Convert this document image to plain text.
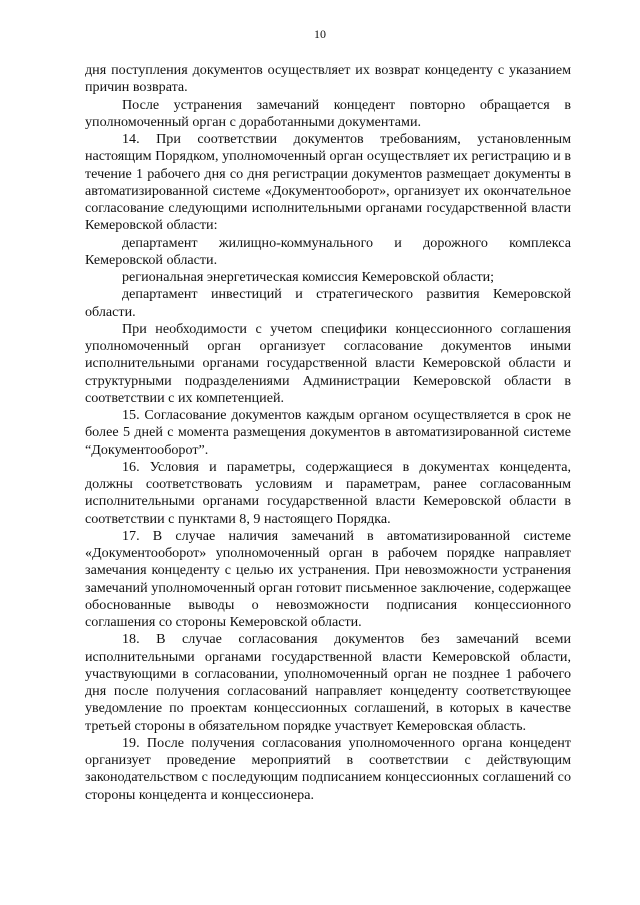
10

дня поступления документов осуществляет их возврат концеденту с указанием причин возврата.

После устранения замечаний концедент повторно обращается в уполномоченный орган с доработанными документами.

14. При соответствии документов требованиям, установленным настоящим Порядком, уполномоченный орган осуществляет их регистрацию и в течение 1 рабочего дня со дня регистрации документов размещает документы в автоматизированной системе «Документооборот», организует их окончательное согласование следующими исполнительными органами государственной власти Кемеровской области:

департамент жилищно-коммунального и дорожного комплекса Кемеровской области.

региональная энергетическая комиссия Кемеровской области;

департамент инвестиций и стратегического развития Кемеровской области.

При необходимости с учетом специфики концессионного соглашения уполномоченный орган организует согласование документов иными исполнительными органами государственной власти Кемеровской области и структурными подразделениями Администрации Кемеровской области в соответствии с их компетенцией.

15. Согласование документов каждым органом осуществляется в срок не более 5 дней с момента размещения документов в автоматизированной системе “Документооборот”.

16. Условия и параметры, содержащиеся в документах концедента, должны соответствовать условиям и параметрам, ранее согласованным исполнительными органами государственной власти Кемеровской области в соответствии с пунктами 8, 9 настоящего Порядка.

17. В случае наличия замечаний в автоматизированной системе «Документооборот» уполномоченный орган в рабочем порядке направляет замечания концеденту с целью их устранения. При невозможности устранения замечаний уполномоченный орган готовит письменное заключение, содержащее обоснованные выводы о невозможности подписания концессионного соглашения со стороны Кемеровской области.

18. В случае согласования документов без замечаний всеми исполнительными органами государственной власти Кемеровской области, участвующими в согласовании, уполномоченный орган не позднее 1 рабочего дня после получения согласований направляет концеденту соответствующее уведомление по проектам концессионных соглашений, в которых в качестве третьей стороны в обязательном порядке участвует Кемеровская область.

19. После получения согласования уполномоченного органа концедент организует проведение мероприятий в соответствии с действующим законодательством с последующим подписанием концессионных соглашений со стороны концедента и концессионера.
